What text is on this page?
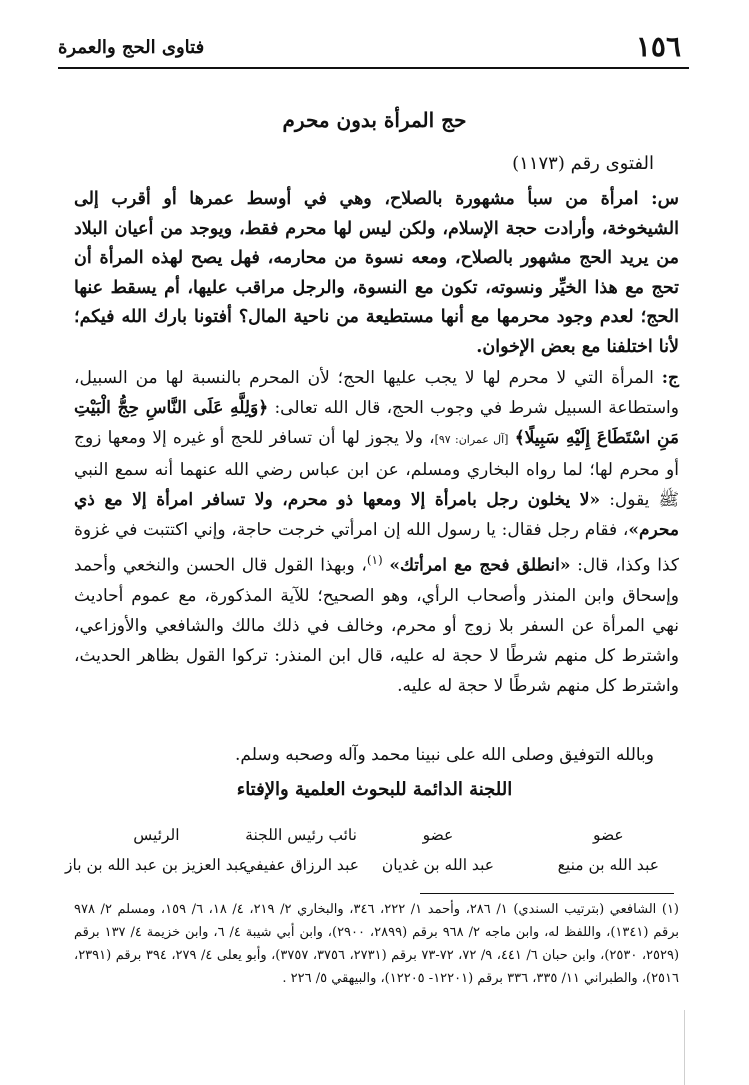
١٥٦
فتاوى الحج والعمرة
حج المرأة بدون محرم
الفتوى رقم (١١٧٣)
س: امرأة من سبأ مشهورة بالصلاح، وهي في أوسط عمرها أو أقرب إلى الشيخوخة، وأرادت حجة الإسلام، ولكن ليس لها محرم فقط، ويوجد من أعيان البلاد من يريد الحج مشهور بالصلاح، ومعه نسوة من محارمه، فهل يصح لهذه المرأة أن تحج مع هذا الخيِّر ونسوته، تكون مع النسوة، والرجل مراقب عليها، أم يسقط عنها الحج؛ لعدم وجود محرمها مع أنها مستطيعة من ناحية المال؟ أفتونا بارك الله فيكم؛ لأنا اختلفنا مع بعض الإخوان.
ج: المرأة التي لا محرم لها لا يجب عليها الحج؛ لأن المحرم بالنسبة لها من السبيل، واستطاعة السبيل شرط في وجوب الحج، قال الله تعالى: ﴿وَلِلَّهِ عَلَى النَّاسِ حِجُّ الْبَيْتِ مَنِ اسْتَطَاعَ إِلَيْهِ سَبِيلًا﴾ [آل عمران: ٩٧]، ولا يجوز لها أن تسافر للحج أو غيره إلا ومعها زوج أو محرم لها؛ لما رواه البخاري ومسلم، عن ابن عباس رضي الله عنهما أنه سمع النبي ﷺ يقول: «لا يخلون رجل بامرأة إلا ومعها ذو محرم، ولا تسافر امرأة إلا مع ذي محرم»، فقام رجل فقال: يا رسول الله إن امرأتي خرجت حاجة، وإني اكتتبت في غزوة كذا وكذا، قال: «انطلق فحج مع امرأتك» $^{(١)}$، وبهذا القول قال الحسن والنخعي وأحمد وإسحاق وابن المنذر وأصحاب الرأي، وهو الصحيح؛ للآية المذكورة، مع عموم أحاديث نهي المرأة عن السفر بلا زوج أو محرم، وخالف في ذلك مالك والشافعي والأوزاعي، واشترط كل منهم شرطًا لا حجة له عليه، قال ابن المنذر: تركوا القول بظاهر الحديث، واشترط كل منهم شرطًا لا حجة له عليه.
وبالله التوفيق وصلى الله على نبينا محمد وآله وصحبه وسلم.
اللجنة الدائمة للبحوث العلمية والإفتاء
عضو
عبد الله بن منيع
عضو
عبد الله بن غديان
نائب رئيس اللجنة
عبد الرزاق عفيفي
الرئيس
عبد العزيز بن عبد الله بن باز
(١) الشافعي (بترتيب السندي) ١/ ٢٨٦، وأحمد ١/ ٢٢٢، ٣٤٦، والبخاري ٢/ ٢١٩، ٤/ ١٨، ٦/ ١٥٩، ومسلم ٢/ ٩٧٨ برقم (١٣٤١)، واللفظ له، وابن ماجه ٢/ ٩٦٨ برقم (٢٨٩٩، ٢٩٠٠)، وابن أبي شيبة ٤/ ٦، وابن خزيمة ٤/ ١٣٧ برقم (٢٥٢٩، ٢٥٣٠)، وابن حبان ٦/ ٤٤١، ٩/ ٧٢، ٧٢-٧٣ برقم (٢٧٣١، ٣٧٥٦، ٣٧٥٧)، وأبو يعلى ٤/ ٢٧٩، ٣٩٤ برقم (٢٣٩١، ٢٥١٦)، والطبراني ١١/ ٣٣٥، ٣٣٦ برقم (١٢٢٠١- ١٢٢٠٥)، والبيهقي ٥/ ٢٢٦ .
